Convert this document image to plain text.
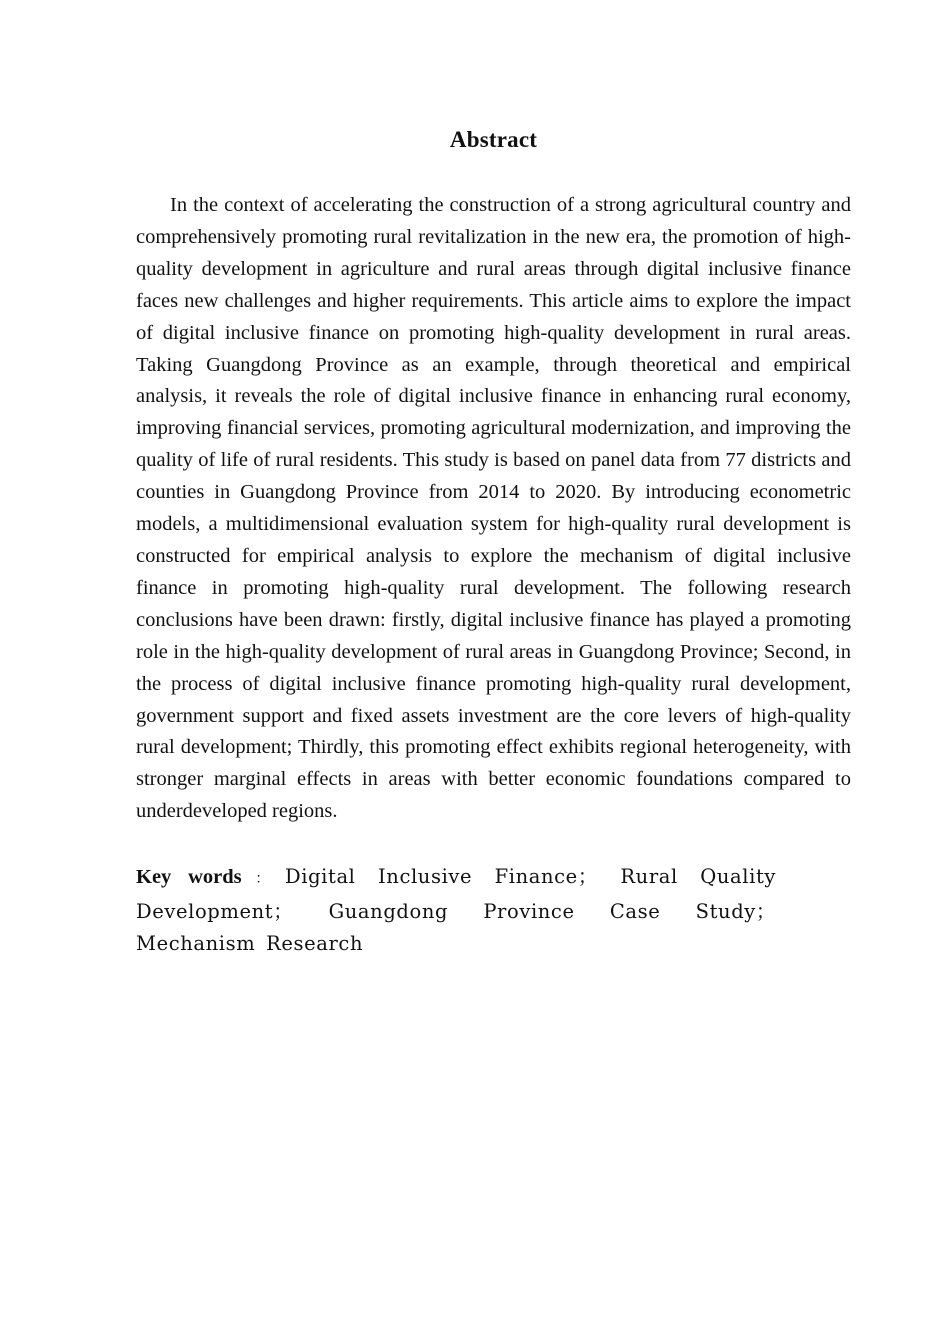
Abstract

In the context of accelerating the construction of a strong agricultural country and comprehensively promoting rural revitalization in the new era, the promotion of high-quality development in agriculture and rural areas through digital inclusive finance faces new challenges and higher requirements. This article aims to explore the impact of digital inclusive finance on promoting high-quality development in rural areas. Taking Guangdong Province as an example, through theoretical and empirical analysis, it reveals the role of digital inclusive finance in enhancing rural economy, improving financial services, promoting agricultural modernization, and improving the quality of life of rural residents. This study is based on panel data from 77 districts and counties in Guangdong Province from 2014 to 2020. By introducing econometric models, a multidimensional evaluation system for high-quality rural development is constructed for empirical analysis to explore the mechanism of digital inclusive finance in promoting high-quality rural development. The following research conclusions have been drawn: firstly, digital inclusive finance has played a promoting role in the high-quality development of rural areas in Guangdong Province; Second, in the process of digital inclusive finance promoting high-quality rural development, government support and fixed assets investment are the core levers of high-quality rural development; Thirdly, this promoting effect exhibits regional heterogeneity, with stronger marginal effects in areas with better economic foundations compared to underdeveloped regions.

Key words ： Digital Inclusive Finance； Rural Quality Development； Guangdong Province Case Study；Mechanism Research
